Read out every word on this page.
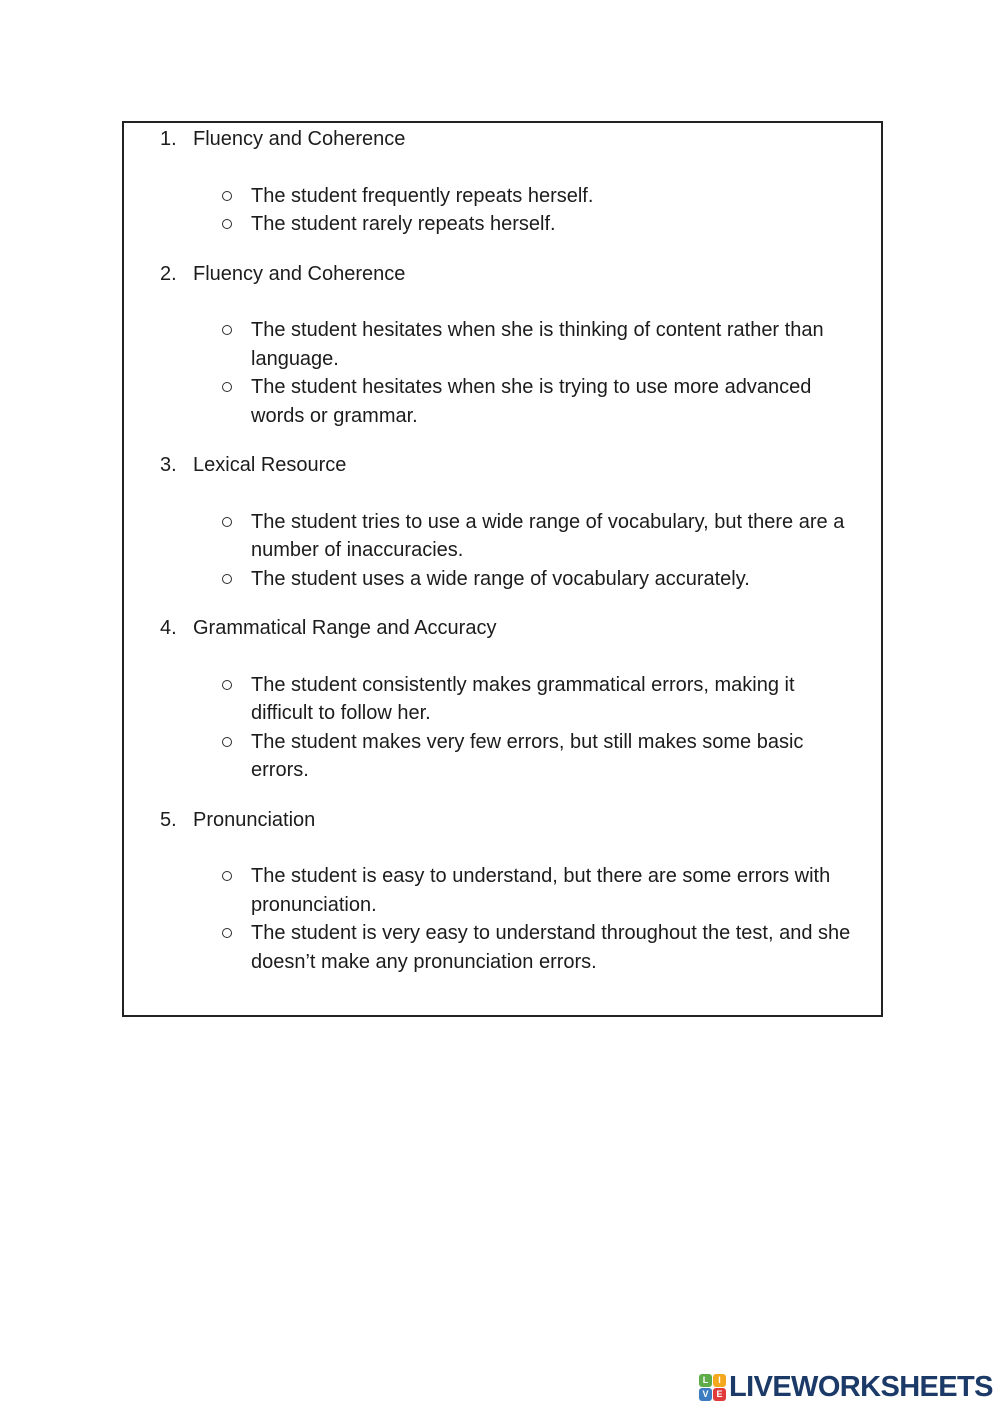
1. Fluency and Coherence
The student frequently repeats herself.
The student rarely repeats herself.
2. Fluency and Coherence
The student hesitates when she is thinking of content rather than language.
The student hesitates when she is trying to use more advanced words or grammar.
3. Lexical Resource
The student tries to use a wide range of vocabulary, but there are a number of inaccuracies.
The student uses a wide range of vocabulary accurately.
4. Grammatical Range and Accuracy
The student consistently makes grammatical errors, making it difficult to follow her.
The student makes very few errors, but still makes some basic errors.
5. Pronunciation
The student is easy to understand, but there are some errors with pronunciation.
The student is very easy to understand throughout the test, and she doesn’t make any pronunciation errors.
L	I
V E LIVEWORKSHEETS
